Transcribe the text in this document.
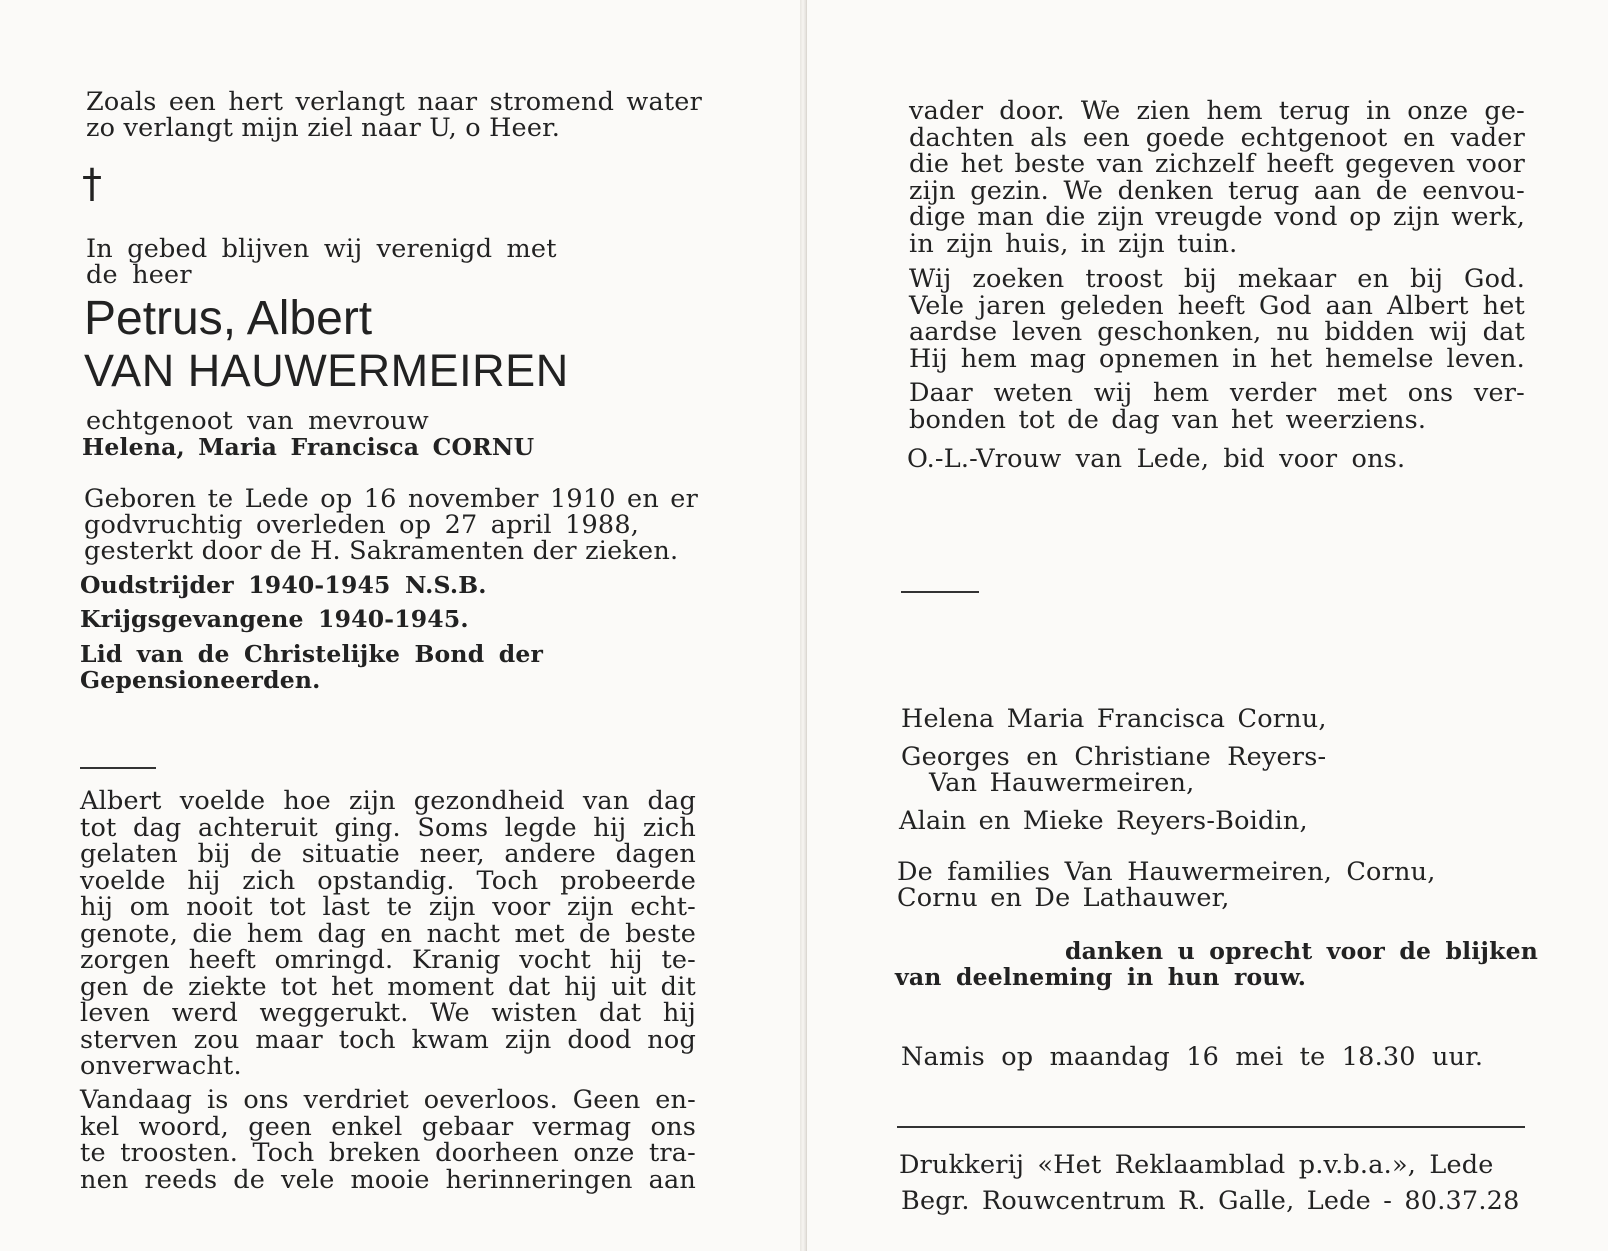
Zoals een hert verlangt naar stromend water
zo verlangt mijn ziel naar U, o Heer.
†
In gebed blijven wij verenigd met
de heer
Petrus, Albert
VAN HAUWERMEIREN
echtgenoot van mevrouw
Helena, Maria Francisca CORNU
Geboren te Lede op 16 november 1910 en er
godvruchtig overleden op 27 april 1988,
gesterkt door de H. Sakramenten der zieken.
Oudstrijder 1940-1945 N.S.B.
Krijgsgevangene 1940-1945.
Lid van de Christelijke Bond der
Gepensioneerden.
Albert voelde hoe zijn gezondheid van dag
tot dag achteruit ging. Soms legde hij zich
gelaten bij de situatie neer, andere dagen
voelde hij zich opstandig. Toch probeerde
hij om nooit tot last te zijn voor zijn echt-
genote, die hem dag en nacht met de beste
zorgen heeft omringd. Kranig vocht hij te-
gen de ziekte tot het moment dat hij uit dit
leven werd weggerukt. We wisten dat hij
sterven zou maar toch kwam zijn dood nog
onverwacht.
Vandaag is ons verdriet oeverloos. Geen en-
kel woord, geen enkel gebaar vermag ons
te troosten. Toch breken doorheen onze tra-
nen reeds de vele mooie herinneringen aan
vader door. We zien hem terug in onze ge-
dachten als een goede echtgenoot en vader
die het beste van zichzelf heeft gegeven voor
zijn gezin. We denken terug aan de eenvou-
dige man die zijn vreugde vond op zijn werk,
in zijn huis, in zijn tuin.
Wij zoeken troost bij mekaar en bij God.
Vele jaren geleden heeft God aan Albert het
aardse leven geschonken, nu bidden wij dat
Hij hem mag opnemen in het hemelse leven.
Daar weten wij hem verder met ons ver-
bonden tot de dag van het weerziens.
O.-L.-Vrouw van Lede, bid voor ons.
Helena Maria Francisca Cornu,
Georges en Christiane Reyers-
Van Hauwermeiren,
Alain en Mieke Reyers-Boidin,
De families Van Hauwermeiren, Cornu,
Cornu en De Lathauwer,
danken u oprecht voor de blijken
van deelneming in hun rouw.
Namis op maandag 16 mei te 18.30 uur.
Drukkerij «Het Reklaamblad p.v.b.a.», Lede
Begr. Rouwcentrum R. Galle, Lede - 80.37.28
